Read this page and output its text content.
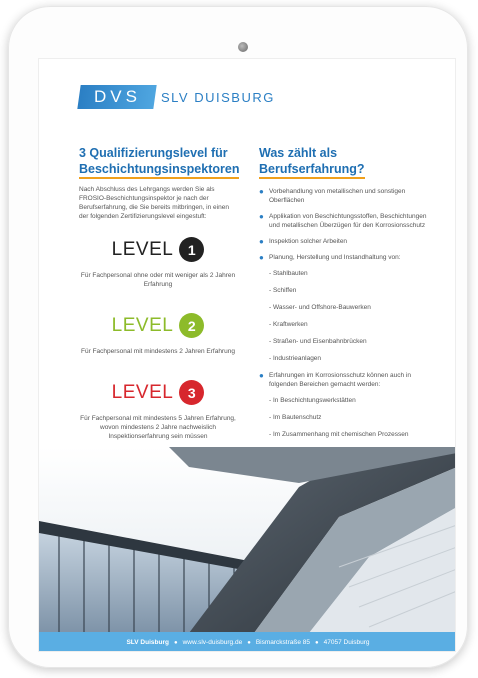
DVS SLV DUISBURG
3 Qualifizierungslevel für
Beschichtungsinspektoren

Nach Abschluss des Lehrgangs werden Sie als FROSIO-Beschichtungsinspektor je nach der Berufserfahrung, die Sie bereits mitbringen, in einen der folgenden Zertifizierungslevel eingestuft:

LEVEL	1

Für Fachpersonal ohne oder mit weniger als 2 Jahren Erfahrung

LEVEL	2

Für Fachpersonal mit mindestens 2 Jahren Erfahrung

LEVEL	3

Für Fachpersonal mit mindestens 5 Jahren Erfahrung, wovon mindestens 2 Jahre nachweislich Inspektionserfahrung sein müssen

Was zählt als
Berufserfahrung?
● Vorbehandlung von metallischen und sonstigen Oberflächen
● Applikation von Beschichtungsstoffen, Beschichtungen und metallischen Überzügen für den Korrosionsschutz
● Inspektion solcher Arbeiten
● Planung, Herstellung und Instandhaltung von:
- Stahlbauten
- Schiffen
- Wasser- und Offshore-Bauwerken
- Kraftwerken
- Straßen- und Eisenbahnbrücken
- Industrieanlagen
● Erfahrungen im Korrosionsschutz können auch in folgenden Bereichen gemacht werden:
- In Beschichtungswerkstätten
- Im Bautenschutz
- Im Zusammenhang mit chemischen Prozessen
SLV Duisburg ● www.slv-duisburg.de ● Bismarckstraße 85 ● 47057 Duisburg
